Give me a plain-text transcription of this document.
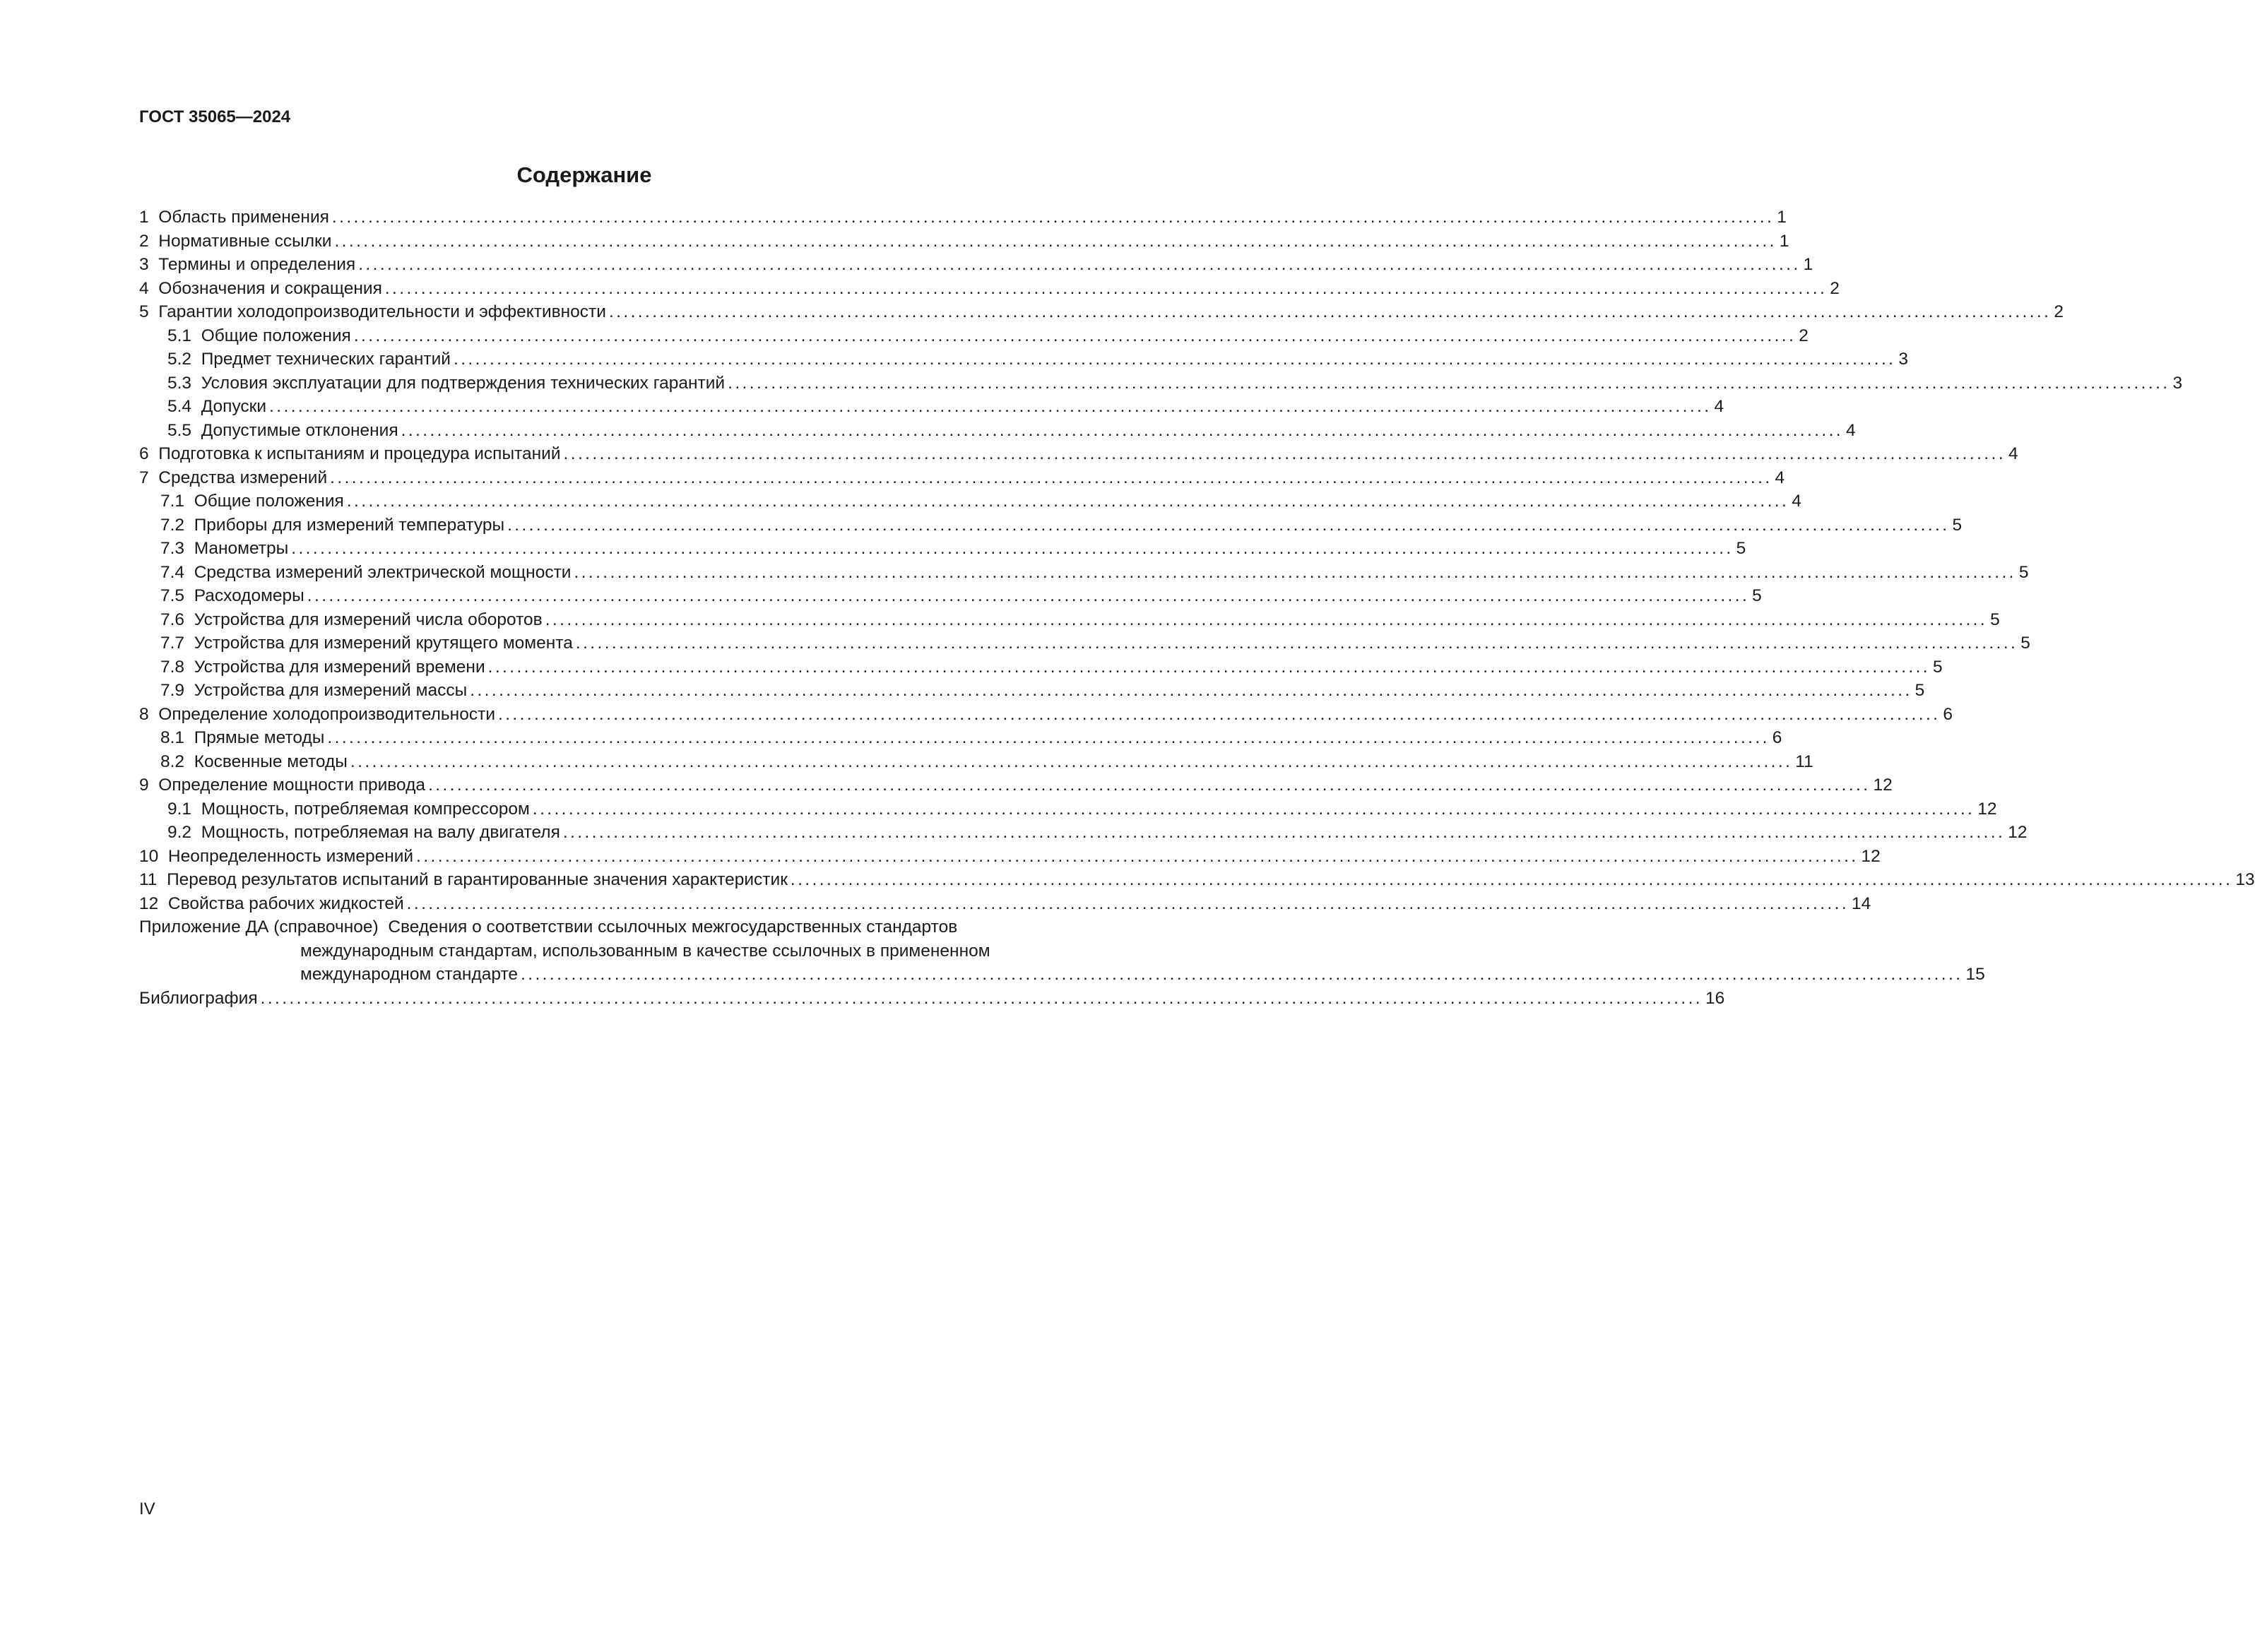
ГОСТ 35065—2024
Содержание
1 Область применения ........................................................................................................................................................................................................ 1
2 Нормативные ссылки ........................................................................................................................................................................................................ 1
3 Термины и определения ........................................................................................................................................................................................................ 1
4 Обозначения и сокращения ........................................................................................................................................................................................................ 2
5 Гарантии холодопроизводительности и эффективности ........................................................................................................................................................................................................ 2
5.1 Общие положения ........................................................................................................................................................................................................ 2
5.2 Предмет технических гарантий ........................................................................................................................................................................................................ 3
5.3 Условия эксплуатации для подтверждения технических гарантий ........................................................................................................................................................................................................ 3
5.4 Допуски ........................................................................................................................................................................................................ 4
5.5 Допустимые отклонения ........................................................................................................................................................................................................ 4
6 Подготовка к испытаниям и процедура испытаний ........................................................................................................................................................................................................ 4
7 Средства измерений ........................................................................................................................................................................................................ 4
7.1 Общие положения ........................................................................................................................................................................................................ 4
7.2 Приборы для измерений температуры ........................................................................................................................................................................................................ 5
7.3 Манометры ........................................................................................................................................................................................................ 5
7.4 Средства измерений электрической мощности ........................................................................................................................................................................................................ 5
7.5 Расходомеры ........................................................................................................................................................................................................ 5
7.6 Устройства для измерений числа оборотов ........................................................................................................................................................................................................ 5
7.7 Устройства для измерений крутящего момента ........................................................................................................................................................................................................ 5
7.8 Устройства для измерений времени ........................................................................................................................................................................................................ 5
7.9 Устройства для измерений массы ........................................................................................................................................................................................................ 5
8 Определение холодопроизводительности ........................................................................................................................................................................................................ 6
8.1 Прямые методы ........................................................................................................................................................................................................ 6
8.2 Косвенные методы ........................................................................................................................................................................................................ 11
9 Определение мощности привода ........................................................................................................................................................................................................ 12
9.1 Мощность, потребляемая компрессором ........................................................................................................................................................................................................ 12
9.2 Мощность, потребляемая на валу двигателя ........................................................................................................................................................................................................ 12
10 Неопределенность измерений ........................................................................................................................................................................................................ 12
11 Перевод результатов испытаний в гарантированные значения характеристик ........................................................................................................................................................................................................ 13
12 Свойства рабочих жидкостей ........................................................................................................................................................................................................ 14
Приложение ДА (справочное) Сведения о соответствии ссылочных межгосударственных стандартов
международным стандартам, использованным в качестве ссылочных в примененном
международном стандарте ........................................................................................................................................................................................................ 15
Библиография ........................................................................................................................................................................................................ 16
IV
